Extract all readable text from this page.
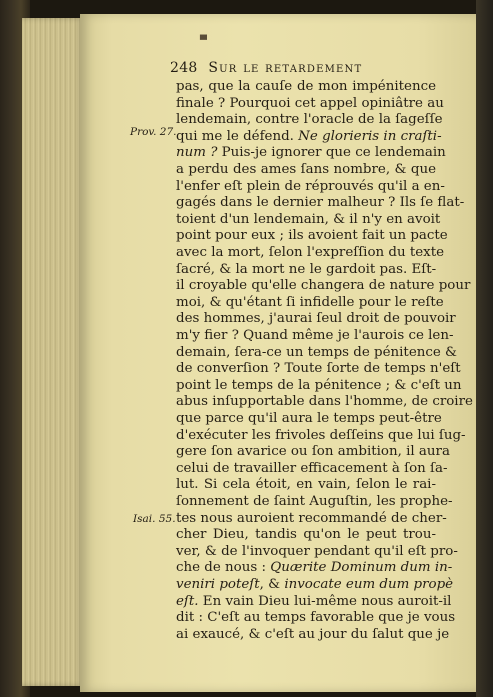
▀
248 Sur le retardement
Prov. 27.
Isai. 55.
pas, que la cauſe de mon impénitence
finale ? Pourquoi cet appel opiniâtre au
lendemain, contre l'oracle de la ſageſſe
qui me le défend. Ne glorieris in craſti-
num ? Puis-je ignorer que ce lendemain
a perdu des ames ſans nombre, & que
l'enfer eſt plein de réprouvés qu'il a en-
gagés dans le dernier malheur ? Ils ſe flat-
toient d'un lendemain, & il n'y en avoit
point pour eux ; ils avoient fait un pacte
avec la mort, ſelon l'expreſſion du texte
ſacré, & la mort ne le gardoit pas. Eſt-
il croyable qu'elle changera de nature pour
moi, & qu'étant ſi infidelle pour le reſte
des hommes, j'aurai ſeul droit de pouvoir
m'y fier ? Quand même je l'aurois ce len-
demain, ſera-ce un temps de pénitence &
de converſion ? Toute ſorte de temps n'eſt
point le temps de la pénitence ; & c'eſt un
abus inſupportable dans l'homme, de croire
que parce qu'il aura le temps peut-être
d'exécuter les frivoles deſſeins que lui ſug-
gere ſon avarice ou ſon ambition, il aura
celui de travailler efficacement à ſon ſa-
lut. Si cela étoit, en vain, ſelon le rai-
ſonnement de ſaint Auguſtin, les prophe-
tes nous auroient recommandé de cher-
cher Dieu, tandis qu'on le peut trou-
ver, & de l'invoquer pendant qu'il eſt pro-
che de nous : Quærite Dominum dum in-
veniri poteſt, & invocate eum dum propè
eſt. En vain Dieu lui-même nous auroit-il
dit : C'eſt au temps favorable que je vous
ai exaucé, & c'eſt au jour du ſalut que je
